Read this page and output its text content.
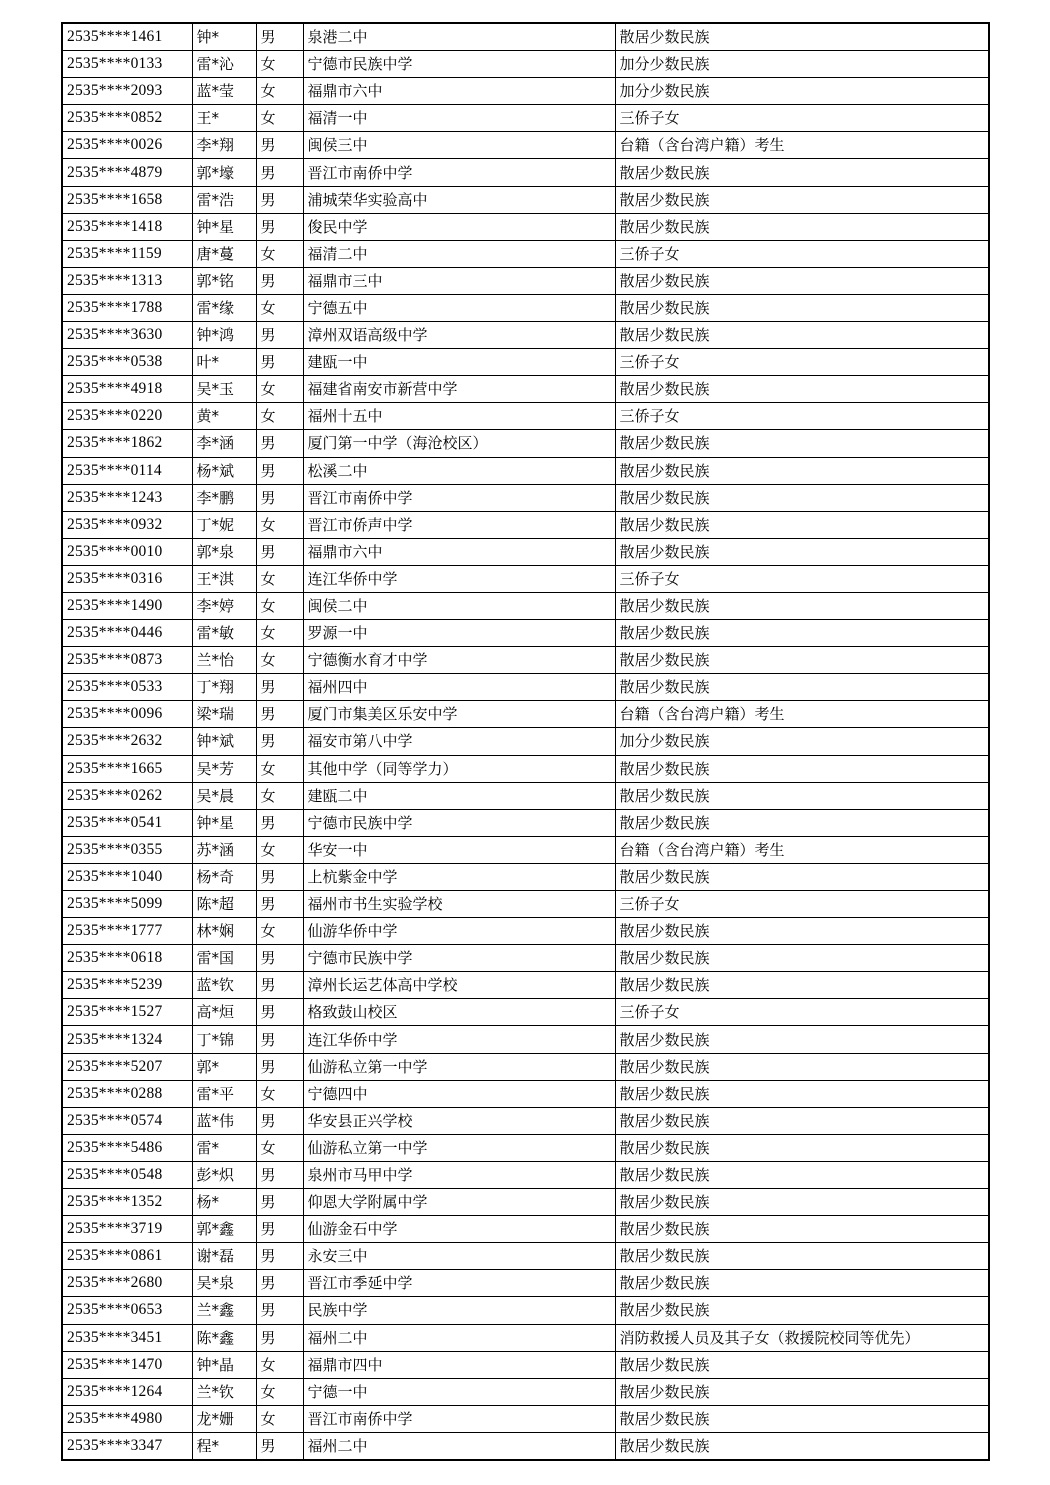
2535****1461	钟*	男	泉港二中	散居少数民族
2535****0133	雷*沁	女	宁德市民族中学	加分少数民族
2535****2093	蓝*莹	女	福鼎市六中	加分少数民族
2535****0852	王*	女	福清一中	三侨子女
2535****0026	李*翔	男	闽侯三中	台籍（含台湾户籍）考生
2535****4879	郭*壕	男	晋江市南侨中学	散居少数民族
2535****1658	雷*浩	男	浦城荣华实验高中	散居少数民族
2535****1418	钟*星	男	俊民中学	散居少数民族
2535****1159	唐*蔓	女	福清二中	三侨子女
2535****1313	郭*铭	男	福鼎市三中	散居少数民族
2535****1788	雷*缘	女	宁德五中	散居少数民族
2535****3630	钟*鸿	男	漳州双语高级中学	散居少数民族
2535****0538	叶*	男	建瓯一中	三侨子女
2535****4918	吴*玉	女	福建省南安市新营中学	散居少数民族
2535****0220	黄*	女	福州十五中	三侨子女
2535****1862	李*涵	男	厦门第一中学（海沧校区）	散居少数民族
2535****0114	杨*斌	男	松溪二中	散居少数民族
2535****1243	李*鹏	男	晋江市南侨中学	散居少数民族
2535****0932	丁*妮	女	晋江市侨声中学	散居少数民族
2535****0010	郭*泉	男	福鼎市六中	散居少数民族
2535****0316	王*淇	女	连江华侨中学	三侨子女
2535****1490	李*婷	女	闽侯二中	散居少数民族
2535****0446	雷*敏	女	罗源一中	散居少数民族
2535****0873	兰*怡	女	宁德衡水育才中学	散居少数民族
2535****0533	丁*翔	男	福州四中	散居少数民族
2535****0096	梁*瑞	男	厦门市集美区乐安中学	台籍（含台湾户籍）考生
2535****2632	钟*斌	男	福安市第八中学	加分少数民族
2535****1665	吴*芳	女	其他中学（同等学力）	散居少数民族
2535****0262	吴*晨	女	建瓯二中	散居少数民族
2535****0541	钟*星	男	宁德市民族中学	散居少数民族
2535****0355	苏*涵	女	华安一中	台籍（含台湾户籍）考生
2535****1040	杨*奇	男	上杭紫金中学	散居少数民族
2535****5099	陈*超	男	福州市书生实验学校	三侨子女
2535****1777	林*娴	女	仙游华侨中学	散居少数民族
2535****0618	雷*国	男	宁德市民族中学	散居少数民族
2535****5239	蓝*钦	男	漳州长运艺体高中学校	散居少数民族
2535****1527	高*烜	男	格致鼓山校区	三侨子女
2535****1324	丁*锦	男	连江华侨中学	散居少数民族
2535****5207	郭*	男	仙游私立第一中学	散居少数民族
2535****0288	雷*平	女	宁德四中	散居少数民族
2535****0574	蓝*伟	男	华安县正兴学校	散居少数民族
2535****5486	雷*	女	仙游私立第一中学	散居少数民族
2535****0548	彭*炽	男	泉州市马甲中学	散居少数民族
2535****1352	杨*	男	仰恩大学附属中学	散居少数民族
2535****3719	郭*鑫	男	仙游金石中学	散居少数民族
2535****0861	谢*磊	男	永安三中	散居少数民族
2535****2680	吴*泉	男	晋江市季延中学	散居少数民族
2535****0653	兰*鑫	男	民族中学	散居少数民族
2535****3451	陈*鑫	男	福州二中	消防救援人员及其子女（救援院校同等优先）
2535****1470	钟*晶	女	福鼎市四中	散居少数民族
2535****1264	兰*钦	女	宁德一中	散居少数民族
2535****4980	龙*姗	女	晋江市南侨中学	散居少数民族
2535****3347	程*	男	福州二中	散居少数民族
